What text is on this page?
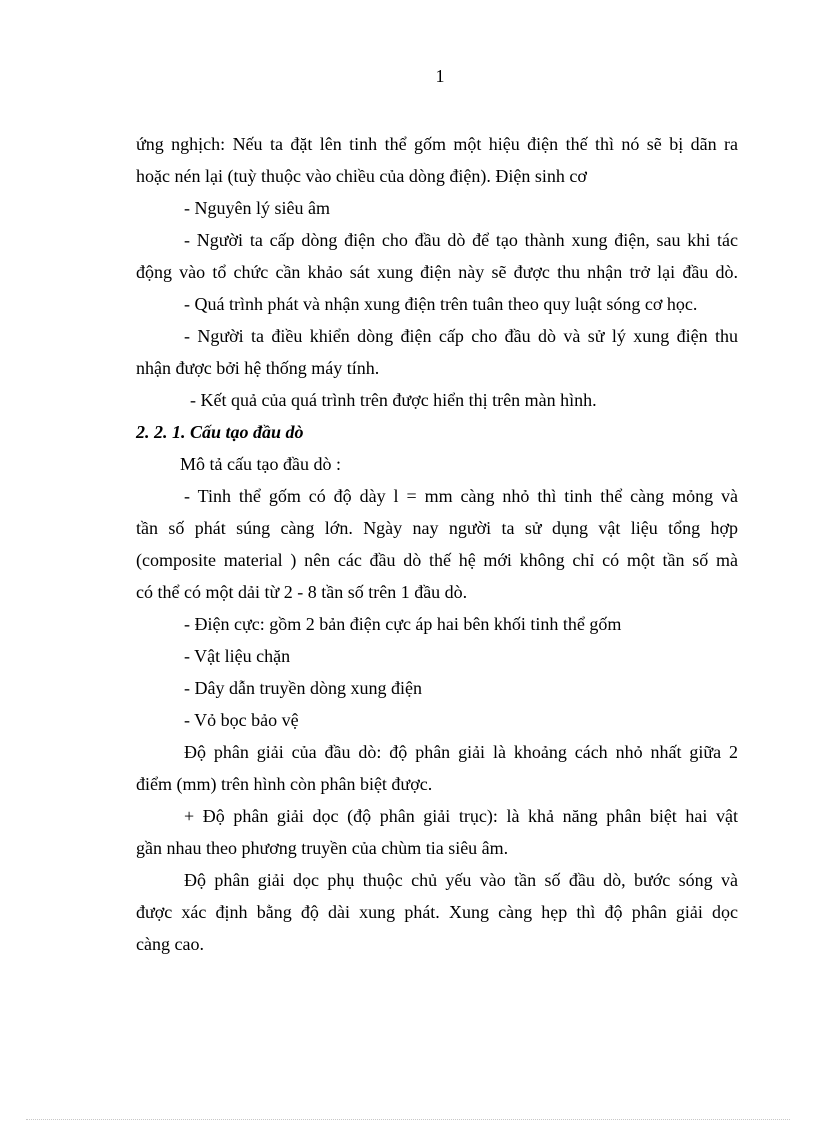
1
ứng nghịch: Nếu ta đặt lên tinh thể gốm một hiệu điện thế thì nó sẽ bị dãn ra
hoặc nén lại (tuỳ thuộc vào chiều của dòng điện). Điện sinh cơ
- Nguyên lý siêu âm
- Người ta cấp dòng điện cho đầu dò để tạo thành xung điện, sau khi tác
động vào tổ chức cần khảo sát xung điện này sẽ được thu nhận trở lại đầu dò.
- Quá trình phát và nhận xung điện trên tuân theo quy luật sóng cơ học.
- Người ta điều khiển dòng điện cấp cho đầu dò và sử lý xung điện thu
nhận được bởi hệ thống máy tính.
- Kết quả của quá trình trên được hiển thị trên màn hình.
2. 2. 1. Cấu tạo đầu dò
Mô tả cấu tạo đầu dò :
- Tinh thể gốm có độ dày l = mm càng nhỏ thì tinh thể càng mỏng và
tần số phát súng càng lớn. Ngày nay người ta sử dụng vật liệu tổng hợp
(composite material ) nên các đầu dò thế hệ mới không chỉ có một tần số mà
có thể có một dải từ 2 - 8 tần số trên 1 đầu dò.
- Điện cực: gồm 2 bản điện cực áp hai bên khối tinh thể gốm
- Vật liệu chặn
- Dây dẫn truyền dòng xung điện
- Vỏ bọc bảo vệ
Độ phân giải của đầu dò: độ phân giải là khoảng cách nhỏ nhất giữa 2
điểm (mm) trên hình còn phân biệt được.
+ Độ phân giải dọc (độ phân giải trục): là khả năng phân biệt hai vật
gần nhau theo phương truyền của chùm tia siêu âm.
Độ phân giải dọc phụ thuộc chủ yếu vào tần số đầu dò, bước sóng và
được xác định bằng độ dài xung phát. Xung càng hẹp thì độ phân giải dọc
càng cao.
